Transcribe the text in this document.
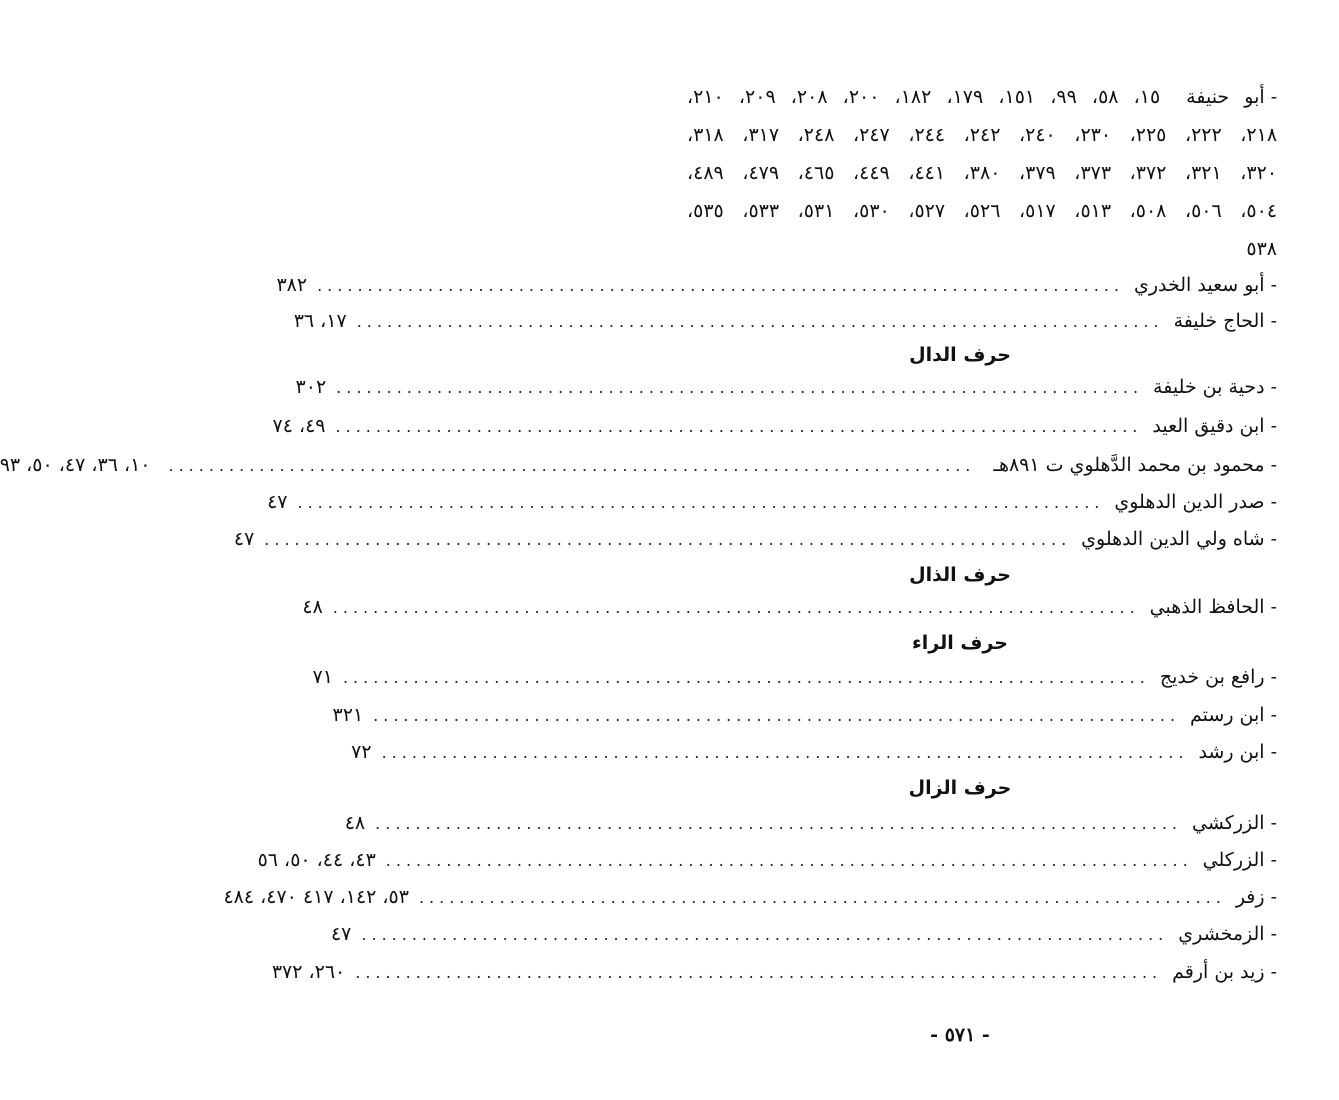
-أبو حنيفة١٥، ٥٨، ٩٩، ١٥١، ١٧٩، ١٨٢، ٢٠٠، ٢٠٨، ٢٠٩، ٢١٠،
٢١٨، ٢٢٢، ٢٢٥، ٢٣٠، ٢٤٠، ٢٤٢، ٢٤٤، ٢٤٧، ٢٤٨، ٣١٧، ٣١٨،
٣٢٠، ٣٢١، ٣٧٢، ٣٧٣، ٣٧٩، ٣٨٠، ٤٤١، ٤٤٩، ٤٦٥، ٤٧٩، ٤٨٩،
٥٠٤، ٥٠٦، ٥٠٨، ٥١٣، ٥١٧، ٥٢٦، ٥٢٧، ٥٣٠، ٥٣١، ٥٣٣، ٥٣٥،
٥٣٨
-
أبو سعيد الخدري
................................................................................
٣٨٢
-
الحاج خليفة
................................................................................
١٧، ٣٦
حرف الدال
-
دحية بن خليفة
................................................................................
٣٠٢
-
ابن دقيق العيد
................................................................................
٤٩، ٧٤
-
محمود بن محمد الدَّهلوي ت ٨٩١هـ
................................................................................
١٠، ٣٦، ٤٧، ٥٠، ٩٣
-
صدر الدين الدهلوي
................................................................................
٤٧
-
شاه ولي الدين الدهلوي
................................................................................
٤٧
حرف الذال
-
الحافظ الذهبي
................................................................................
٤٨
حرف الراء
-
رافع بن خديج
................................................................................
٧١
-
ابن رستم
................................................................................
٣٢١
-
ابن رشد
................................................................................
٧٢
حرف الزال
-
الزركشي
................................................................................
٤٨
-
الزركلي
................................................................................
٤٣، ٤٤، ٥٠، ٥٦
-
زفر
................................................................................
٥٣، ١٤٢، ٤١٧ ٤٧٠، ٤٨٤
-
الزمخشري
................................................................................
٤٧
-
زيد بن أرقم
................................................................................
٢٦٠، ٣٧٢
- ٥٧١ -
